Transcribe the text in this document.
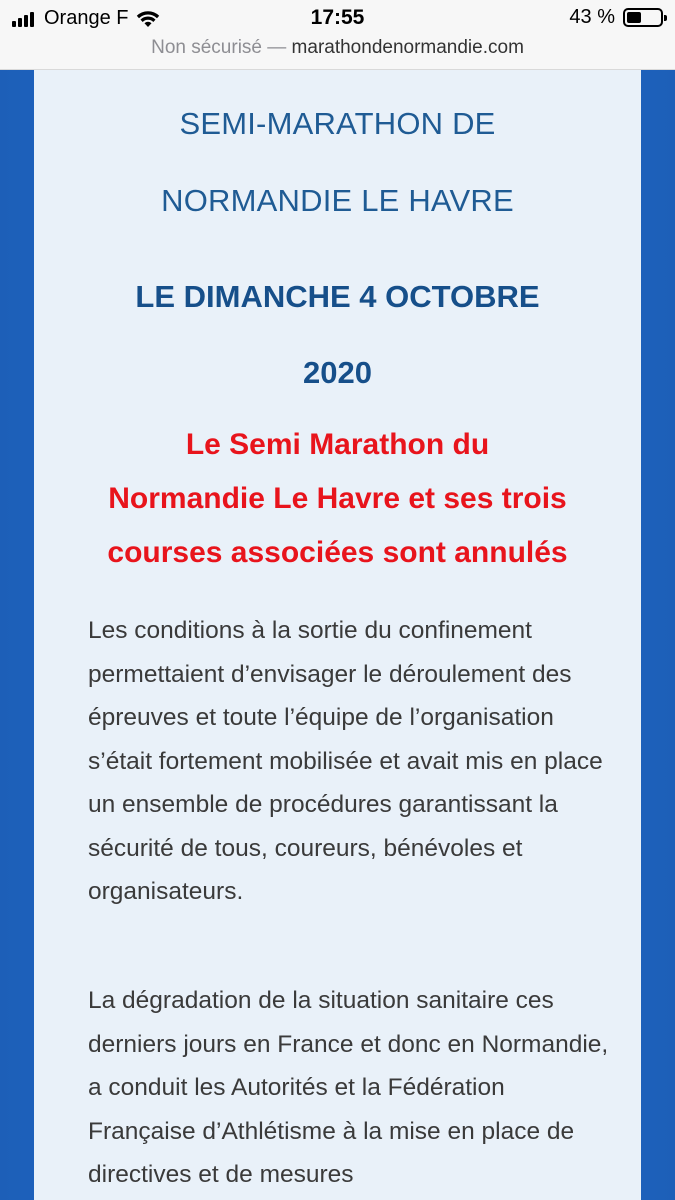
Orange F	17:55	43 %
Non sécurisé — marathondenormandie.com
SEMI-MARATHON DE
NORMANDIE LE HAVRE
LE DIMANCHE 4 OCTOBRE
2020
Le Semi Marathon du
Normandie Le Havre et ses trois
courses associées sont annulés

Les conditions à la sortie du confinement permettaient d’envisager le déroulement des épreuves et toute l’équipe de l’organisation s’était fortement mobilisée et avait mis en place un ensemble de procédures garantissant la sécurité de tous, coureurs, bénévoles et organisateurs.

La dégradation de la situation sanitaire ces derniers jours en France et donc en Normandie, a conduit les Autorités et la Fédération Française d’Athlétisme à la mise en place de directives et de mesures
